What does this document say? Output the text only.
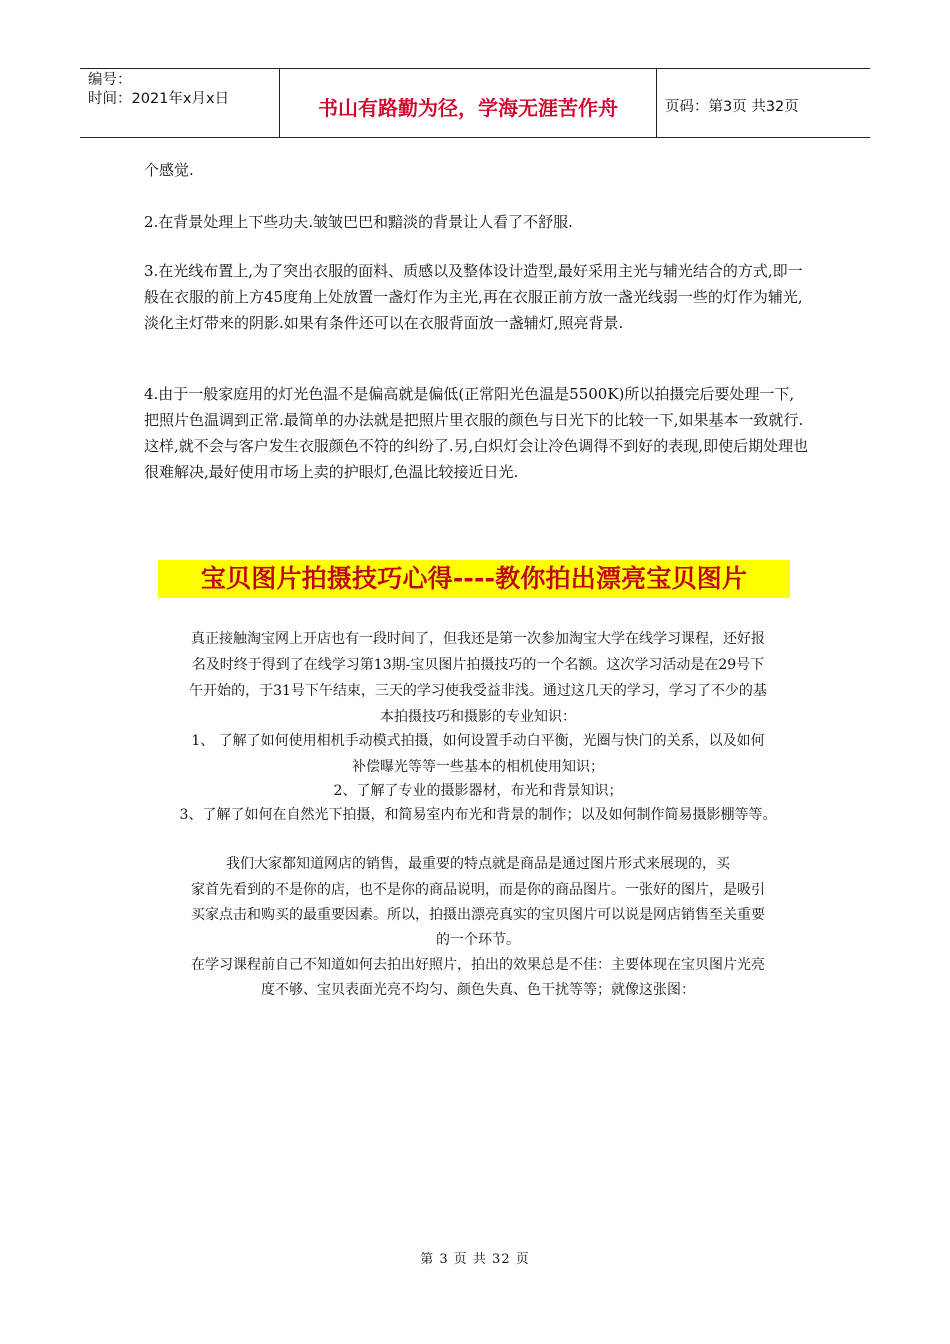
编号：
时间：2021年x月x日	书山有路勤为径，学海无涯苦作舟	页码：第3页 共32页

个感觉.

2.在背景处理上下些功夫.皱皱巴巴和黯淡的背景让人看了不舒服.

3.在光线布置上,为了突出衣服的面料、质感以及整体设计造型,最好采用主光与辅光结合的方式,即一般在衣服的前上方45度角上处放置一盏灯作为主光,再在衣服正前方放一盏光线弱一些的灯作为辅光,淡化主灯带来的阴影.如果有条件还可以在衣服背面放一盏辅灯,照亮背景.

4.由于一般家庭用的灯光色温不是偏高就是偏低(正常阳光色温是5500K)所以拍摄完后要处理一下,把照片色温调到正常.最简单的办法就是把照片里衣服的颜色与日光下的比较一下,如果基本一致就行.这样,就不会与客户发生衣服颜色不符的纠纷了.另,白炽灯会让冷色调得不到好的表现,即使后期处理也很难解决,最好使用市场上卖的护眼灯,色温比较接近日光.

宝贝图片拍摄技巧心得----教你拍出漂亮宝贝图片

真正接触淘宝网上开店也有一段时间了，但我还是第一次参加淘宝大学在线学习课程，还好报

名及时终于得到了在线学习第13期-宝贝图片拍摄技巧的一个名额。这次学习活动是在29号下

午开始的，于31号下午结束，三天的学习使我受益非浅。通过这几天的学习，学习了不少的基

本拍摄技巧和摄影的专业知识：

1、 了解了如何使用相机手动模式拍摄，如何设置手动白平衡，光圈与快门的关系，以及如何

补偿曝光等等一些基本的相机使用知识；

2、了解了专业的摄影器材，布光和背景知识；

3、了解了如何在自然光下拍摄，和简易室内布光和背景的制作；以及如何制作简易摄影棚等等。

我们大家都知道网店的销售，最重要的特点就是商品是通过图片形式来展现的，买

家首先看到的不是你的店，也不是你的商品说明，而是你的商品图片。一张好的图片，是吸引

买家点击和购买的最重要因素。所以，拍摄出漂亮真实的宝贝图片可以说是网店销售至关重要

的一个环节。

在学习课程前自己不知道如何去拍出好照片，拍出的效果总是不佳：主要体现在宝贝图片光亮

度不够、宝贝表面光亮不均匀、颜色失真、色干扰等等；就像这张图：

第 3 页 共 32 页
